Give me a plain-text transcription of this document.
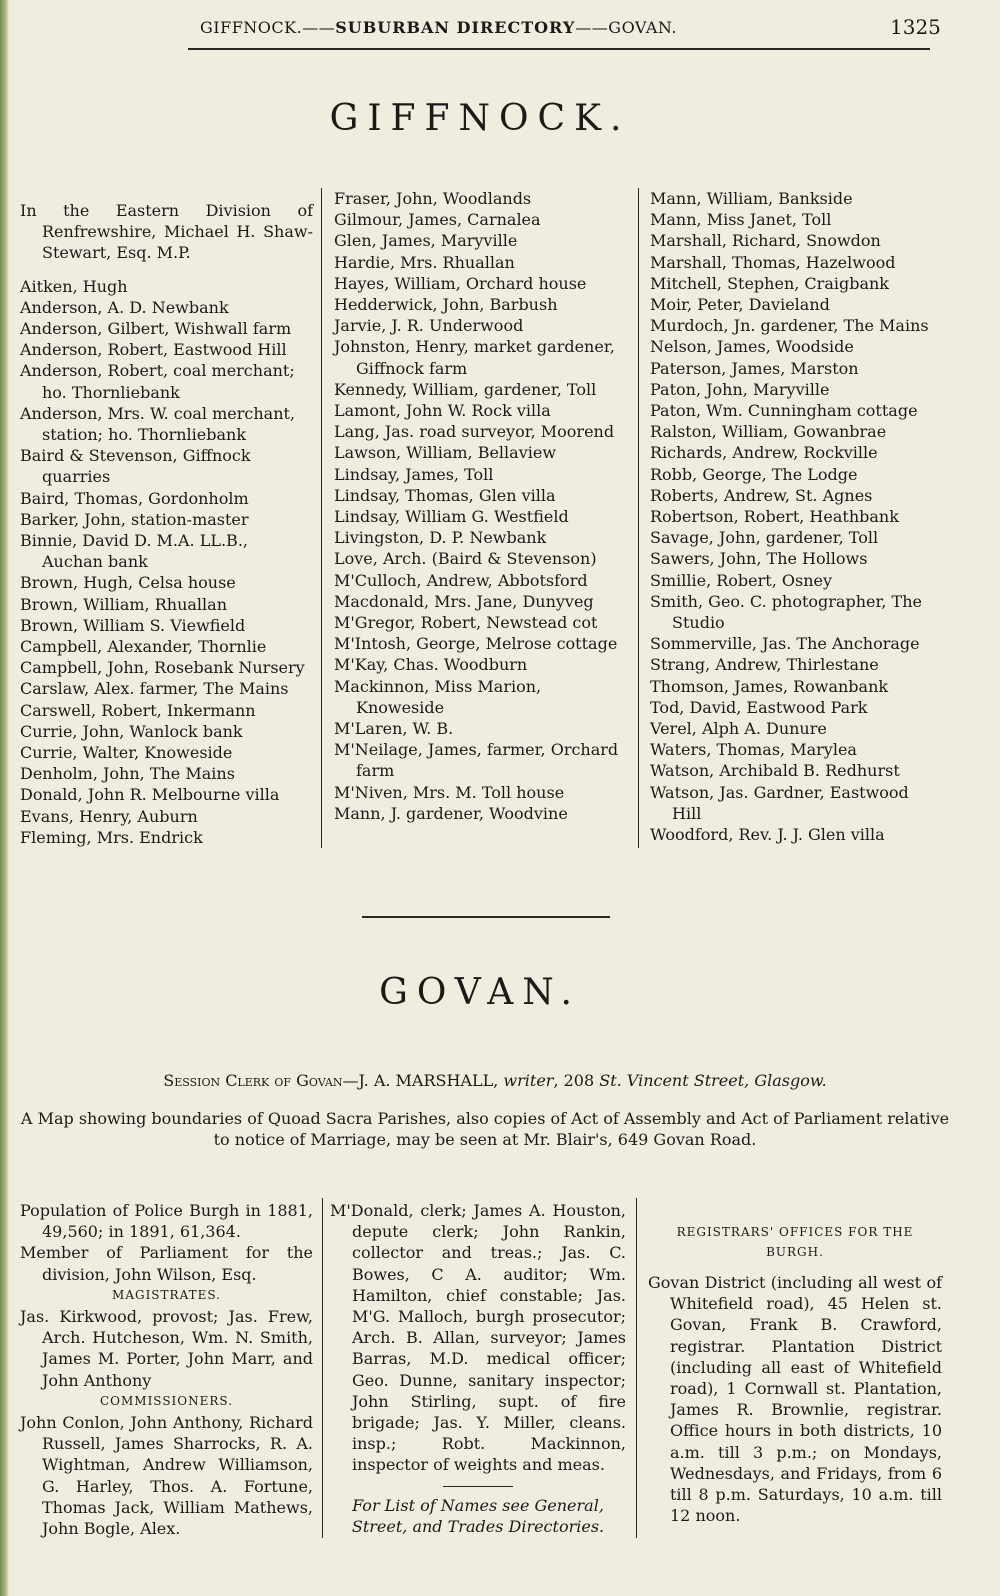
GIFFNOCK.——SUBURBAN DIRECTORY——GOVAN.	1325
GIFFNOCK.
In the Eastern Division of Renfrewshire, Michael H. Shaw-Stewart, Esq. M.P.
Aitken, Hugh
Anderson, A. D. Newbank
Anderson, Gilbert, Wishwall farm
Anderson, Robert, Eastwood Hill
Anderson, Robert, coal merchant; ho. Thornliebank
Anderson, Mrs. W. coal merchant, station; ho. Thornliebank
Baird & Stevenson, Giffnock quarries
Baird, Thomas, Gordonholm
Barker, John, station-master
Binnie, David D. M.A. LL.B., Auchan bank
Brown, Hugh, Celsa house
Brown, William, Rhuallan
Brown, William S. Viewfield
Campbell, Alexander, Thornlie
Campbell, John, Rosebank Nursery
Carslaw, Alex. farmer, The Mains
Carswell, Robert, Inkermann
Currie, John, Wanlock bank
Currie, Walter, Knoweside
Denholm, John, The Mains
Donald, John R. Melbourne villa
Evans, Henry, Auburn
Fleming, Mrs. Endrick
Fraser, John, Woodlands
Gilmour, James, Carnalea
Glen, James, Maryville
Hardie, Mrs. Rhuallan
Hayes, William, Orchard house
Hedderwick, John, Barbush
Jarvie, J. R. Underwood
Johnston, Henry, market gardener, Giffnock farm
Kennedy, William, gardener, Toll
Lamont, John W. Rock villa
Lang, Jas. road surveyor, Moorend
Lawson, William, Bellaview
Lindsay, James, Toll
Lindsay, Thomas, Glen villa
Lindsay, William G. Westfield
Livingston, D. P. Newbank
Love, Arch. (Baird & Stevenson)
M'Culloch, Andrew, Abbotsford
Macdonald, Mrs. Jane, Dunyveg
M'Gregor, Robert, Newstead cot
M'Intosh, George, Melrose cottage
M'Kay, Chas. Woodburn
Mackinnon, Miss Marion, Knoweside
M'Laren, W. B.
M'Neilage, James, farmer, Orchard farm
M'Niven, Mrs. M. Toll house
Mann, J. gardener, Woodvine
Mann, William, Bankside
Mann, Miss Janet, Toll
Marshall, Richard, Snowdon
Marshall, Thomas, Hazelwood
Mitchell, Stephen, Craigbank
Moir, Peter, Davieland
Murdoch, Jn. gardener, The Mains
Nelson, James, Woodside
Paterson, James, Marston
Paton, John, Maryville
Paton, Wm. Cunningham cottage
Ralston, William, Gowanbrae
Richards, Andrew, Rockville
Robb, George, The Lodge
Roberts, Andrew, St. Agnes
Robertson, Robert, Heathbank
Savage, John, gardener, Toll
Sawers, John, The Hollows
Smillie, Robert, Osney
Smith, Geo. C. photographer, The Studio
Sommerville, Jas. The Anchorage
Strang, Andrew, Thirlestane
Thomson, James, Rowanbank
Tod, David, Eastwood Park
Verel, Alph A. Dunure
Waters, Thomas, Marylea
Watson, Archibald B. Redhurst
Watson, Jas. Gardner, Eastwood Hill
Woodford, Rev. J. J. Glen villa
GOVAN.
Session Clerk of Govan—J. A. MARSHALL, writer, 208 St. Vincent Street, Glasgow.
A Map showing boundaries of Quoad Sacra Parishes, also copies of Act of Assembly and Act of Parliament relative to notice of Marriage, may be seen at Mr. Blair's, 649 Govan Road.
Population of Police Burgh in 1881, 49,560; in 1891, 61,364.
Member of Parliament for the division, John Wilson, Esq.
MAGISTRATES.
Jas. Kirkwood, provost; Jas. Frew, Arch. Hutcheson, Wm. N. Smith, James M. Porter, John Marr, and John Anthony
COMMISSIONERS.
John Conlon, John Anthony, Richard Russell, James Sharrocks, R. A. Wightman, Andrew Williamson, G. Harley, Thos. A. Fortune, Thomas Jack, William Mathews, John Bogle, Alex.
M'Donald, clerk; James A. Houston, depute clerk; John Rankin, collector and treas.; Jas. C. Bowes, C A. auditor; Wm. Hamilton, chief constable; Jas. M'G. Malloch, burgh prosecutor; Arch. B. Allan, surveyor; James Barras, M.D. medical officer; Geo. Dunne, sanitary inspector; John Stirling, supt. of fire brigade; Jas. Y. Miller, cleans. insp.; Robt. Mackinnon, inspector of weights and meas.
For List of Names see General, Street, and Trades Directories.
REGISTRARS' OFFICES FOR THE BURGH.
Govan District (including all west of Whitefield road), 45 Helen st. Govan, Frank B. Crawford, registrar. Plantation District (including all east of Whitefield road), 1 Cornwall st. Plantation, James R. Brownlie, registrar. Office hours in both districts, 10 a.m. till 3 p.m.; on Mondays, Wednesdays, and Fridays, from 6 till 8 p.m. Saturdays, 10 a.m. till 12 noon.
